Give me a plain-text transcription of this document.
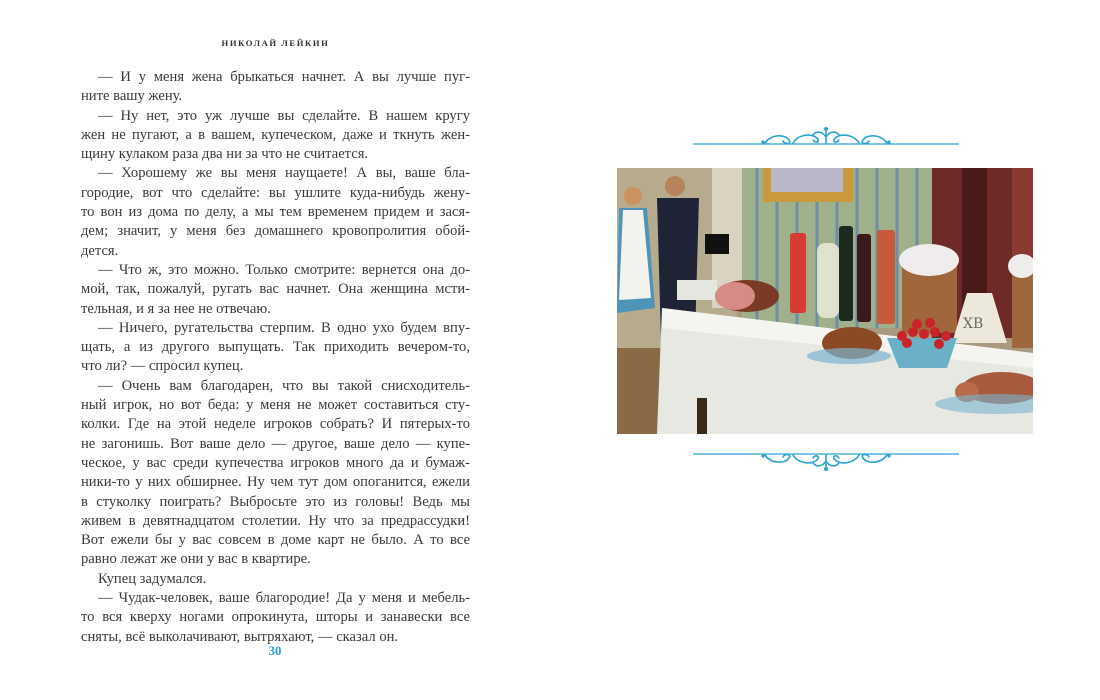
НИКОЛАЙ ЛЕЙКИН
— И у меня жена брыкаться начнет. А вы лучше пуг-
ните вашу жену.
— Ну нет, это уж лучше вы сделайте. В нашем кругу
жен не пугают, а в вашем, купеческом, даже и ткнуть жен-
щину кулаком раза два ни за что не считается.
— Хорошему же вы меня наущаете! А вы, ваше бла-
городие, вот что сделайте: вы ушлите куда-нибудь жену-
то вон из дома по делу, а мы тем временем придем и зася-
дем; значит, у меня без домашнего кровопролития обой-
дется.
— Что ж, это можно. Только смотрите: вернется она до-
мой, так, пожалуй, ругать вас начнет. Она женщина мсти-
тельная, и я за нее не отвечаю.
— Ничего, ругательства стерпим. В одно ухо будем впу-
щать, а из другого выпущать. Так приходить вечером-то,
что ли? — спросил купец.
— Очень вам благодарен, что вы такой снисходитель-
ный игрок, но вот беда: у меня не может составиться сту-
колки. Где на этой неделе игроков собрать? И пятерых-то
не загонишь. Вот ваше дело — другое, ваше дело — купе-
ческое, у вас среди купечества игроков много да и бумаж-
ники-то у них обширнее. Ну чем тут дом опоганится, ежели
в стуколку поиграть? Выбросьте это из головы! Ведь мы
живем в девятнадцатом столетии. Ну что за предрассудки!
Вот ежели бы у вас совсем в доме карт не было. А то все
равно лежат же они у вас в квартире.
Купец задумался.
— Чудак-человек, ваше благородие! Да у меня и мебель-
то вся кверху ногами опрокинута, шторы и занавески все
сняты, всё выколачивают, вытряхают, — сказал он.
30
XB
